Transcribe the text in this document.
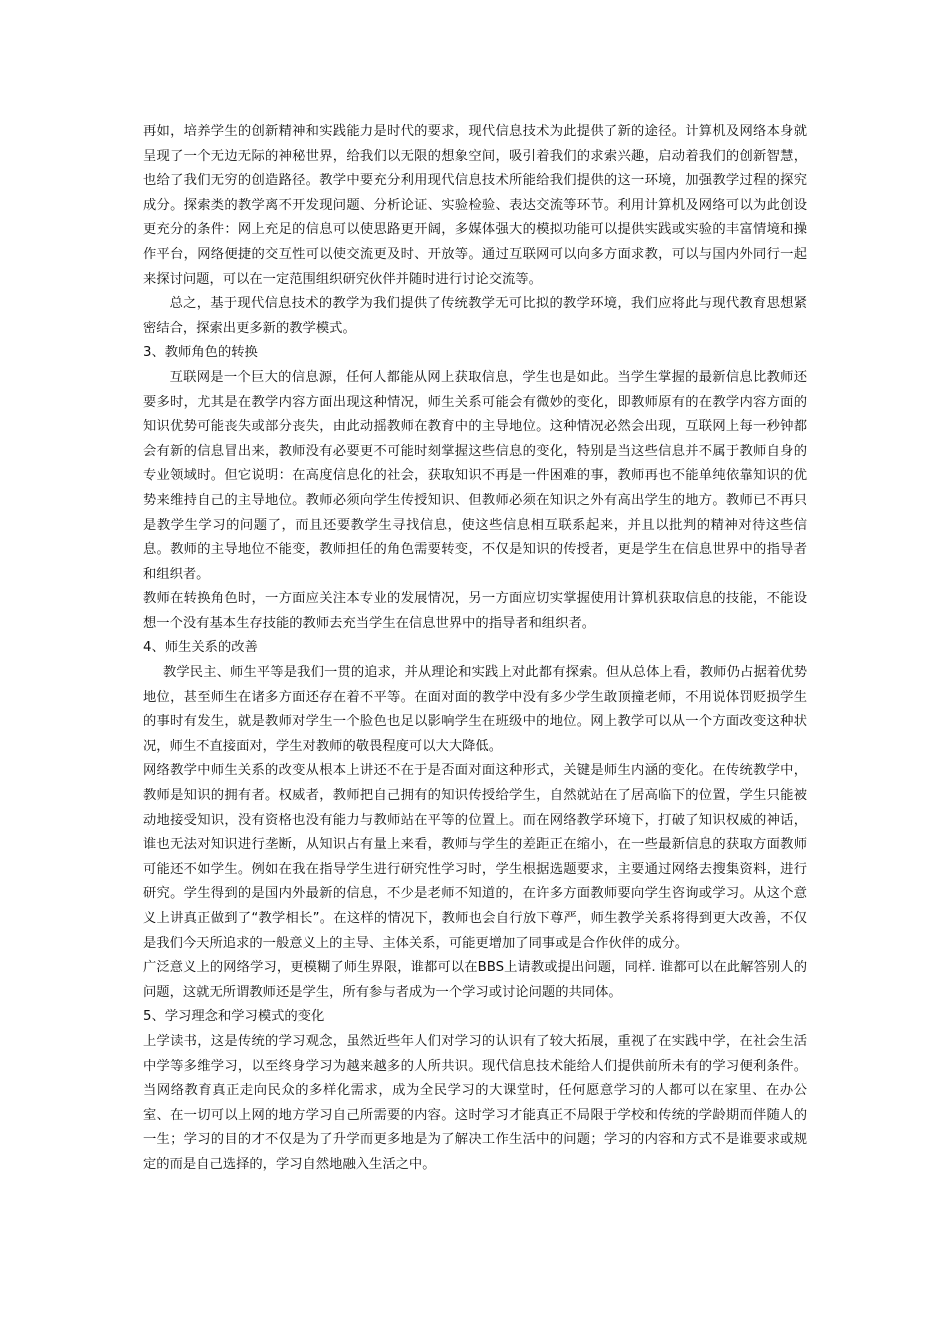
再如，培养学生的创新精神和实践能力是时代的要求，现代信息技术为此提供了新的途径。计算机及网络本身就呈现了一个无边无际的神秘世界，给我们以无限的想象空间，吸引着我们的求索兴趣，启动着我们的创新智慧，也给了我们无穷的创造路径。教学中要充分利用现代信息技术所能给我们提供的这一环境，加强教学过程的探究成分。探索类的教学离不开发现问题、分析论证、实验检验、表达交流等环节。利用计算机及网络可以为此创设更充分的条件：网上充足的信息可以使思路更开阔，多媒体强大的模拟功能可以提供实践或实验的丰富情境和操作平台，网络便捷的交互性可以使交流更及时、开放等。通过互联网可以向多方面求教，可以与国内外同行一起来探讨问题，可以在一定范围组织研究伙伴并随时进行讨论交流等。

总之，基于现代信息技术的教学为我们提供了传统教学无可比拟的教学环境，我们应将此与现代教育思想紧密结合，探索出更多新的教学模式。

3、教师角色的转换

互联网是一个巨大的信息源，任何人都能从网上获取信息，学生也是如此。当学生掌握的最新信息比教师还要多时，尤其是在教学内容方面出现这种情况，师生关系可能会有微妙的变化，即教师原有的在教学内容方面的知识优势可能丧失或部分丧失，由此动摇教师在教育中的主导地位。这种情况必然会出现，互联网上每一秒钟都会有新的信息冒出来，教师没有必要更不可能时刻掌握这些信息的变化，特别是当这些信息并不属于教师自身的专业领域时。但它说明：在高度信息化的社会，获取知识不再是一件困难的事，教师再也不能单纯依靠知识的优势来维持自己的主导地位。教师必须向学生传授知识、但教师必须在知识之外有高出学生的地方。教师已不再只是教学生学习的问题了，而且还要教学生寻找信息，使这些信息相互联系起来，并且以批判的精神对待这些信息。教师的主导地位不能变，教师担任的角色需要转变，不仅是知识的传授者，更是学生在信息世界中的指导者和组织者。

教师在转换角色时，一方面应关注本专业的发展情况，另一方面应切实掌握使用计算机获取信息的技能，不能设想一个没有基本生存技能的教师去充当学生在信息世界中的指导者和组织者。

4、师生关系的改善

教学民主、师生平等是我们一贯的追求，并从理论和实践上对此都有探索。但从总体上看，教师仍占据着优势地位，甚至师生在诸多方面还存在着不平等。在面对面的教学中没有多少学生敢顶撞老师，不用说体罚贬损学生的事时有发生，就是教师对学生一个脸色也足以影响学生在班级中的地位。网上教学可以从一个方面改变这种状况，师生不直接面对，学生对教师的敬畏程度可以大大降低。

网络教学中师生关系的改变从根本上讲还不在于是否面对面这种形式，关键是师生内涵的变化。在传统教学中，教师是知识的拥有者。权威者，教师把自己拥有的知识传授给学生，自然就站在了居高临下的位置，学生只能被动地接受知识，没有资格也没有能力与教师站在平等的位置上。而在网络教学环境下，打破了知识权威的神话，谁也无法对知识进行垄断，从知识占有量上来看，教师与学生的差距正在缩小，在一些最新信息的获取方面教师可能还不如学生。例如在我在指导学生进行研究性学习时，学生根据选题要求，主要通过网络去搜集资料，进行研究。学生得到的是国内外最新的信息，不少是老师不知道的，在许多方面教师要向学生咨询或学习。从这个意义上讲真正做到了“教学相长”。在这样的情况下，教师也会自行放下尊严，师生教学关系将得到更大改善，不仅是我们今天所追求的一般意义上的主导、主体关系，可能更增加了同事或是合作伙伴的成分。

广泛意义上的网络学习，更模糊了师生界限，谁都可以在BBS上请教或提出问题，同样. 谁都可以在此解答别人的问题，这就无所谓教师还是学生，所有参与者成为一个学习或讨论问题的共同体。

5、学习理念和学习模式的变化

上学读书，这是传统的学习观念，虽然近些年人们对学习的认识有了较大拓展，重视了在实践中学，在社会生活中学等多维学习，以至终身学习为越来越多的人所共识。现代信息技术能给人们提供前所未有的学习便利条件。当网络教育真正走向民众的多样化需求，成为全民学习的大课堂时，任何愿意学习的人都可以在家里、在办公室、在一切可以上网的地方学习自己所需要的内容。这时学习才能真正不局限于学校和传统的学龄期而伴随人的一生；学习的目的才不仅是为了升学而更多地是为了解决工作生活中的问题；学习的内容和方式不是谁要求或规定的而是自己选择的，学习自然地融入生活之中。
